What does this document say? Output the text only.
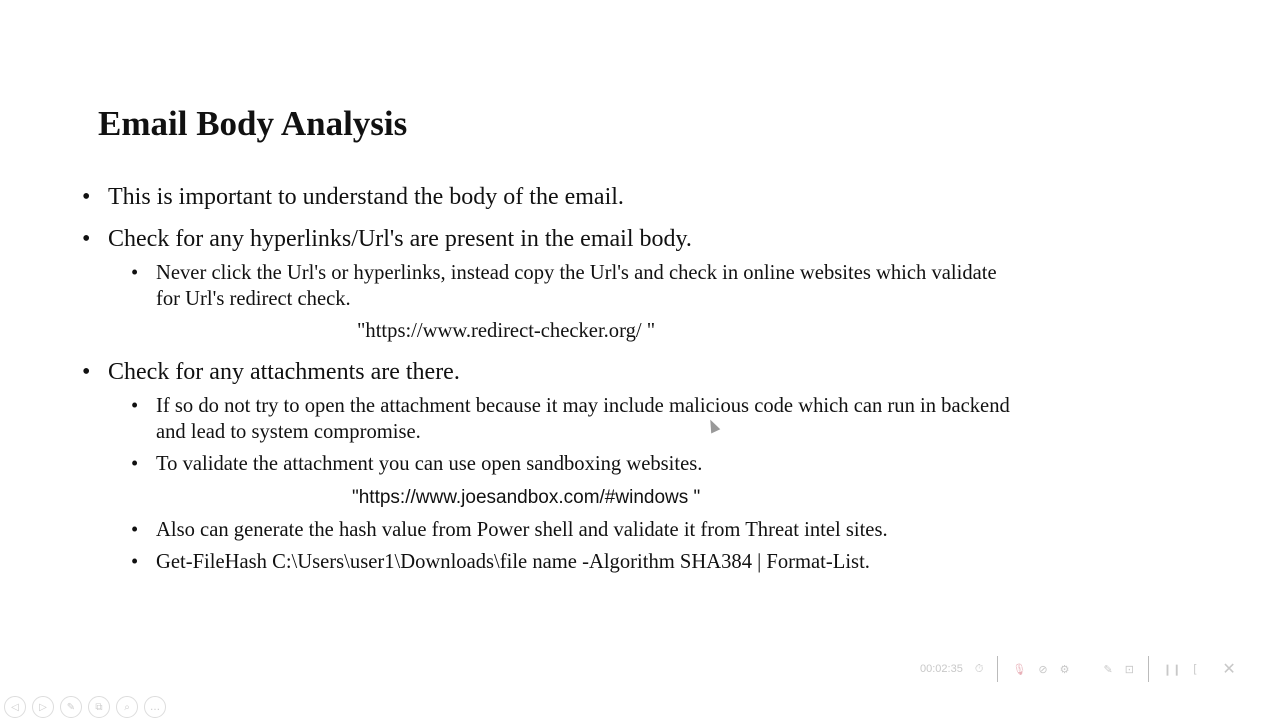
Email Body Analysis
• This is important to understand the body of the email.
• Check for any hyperlinks/Url's are present in the email body.
• Never click the Url's or hyperlinks, instead copy the Url's and check in online websites which validate
for Url's redirect check.
"https://www.redirect-checker.org/ "
• Check for any attachments are there.
• If so do not try to open the attachment because it may include malicious code which can run in backend
and lead to system compromise.
• To validate the attachment you can use open sandboxing websites.
"https://www.joesandbox.com/#windows "
• Also can generate the hash value from Power shell and validate it from Threat intel sites.
• Get-FileHash C:\Users\user1\Downloads\file name -Algorithm SHA384 | Format-List.
00:02:35 ⏱	🎙 ⊘ ⚙	✎ ⊡	❙❙ [ ✕
◁	▷	✎	⧉	⌕	…
